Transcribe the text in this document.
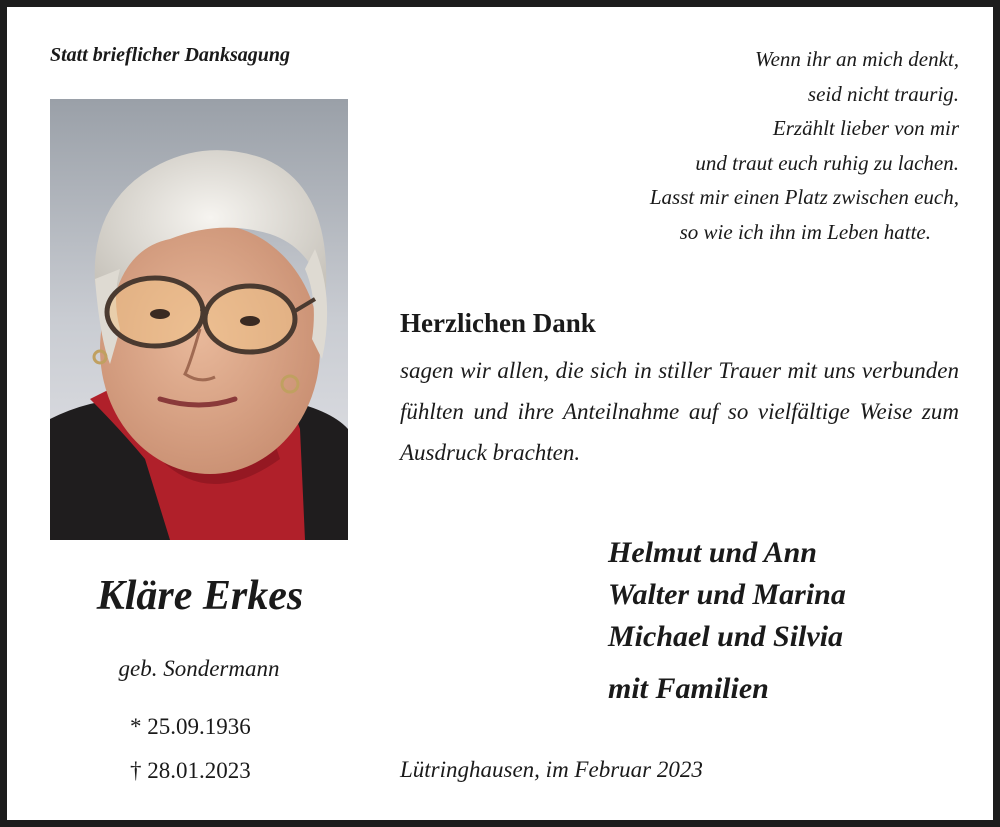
Statt brieflicher Danksagung	Wenn ihr an mich denkt,
seid nicht traurig.
Erzählt lieber von mir
und traut euch ruhig zu lachen.
Lasst mir einen Platz zwischen euch,
so wie ich ihn im Leben hatte.
Kläre Erkes
geb. Sondermann
* 25.09.1936
† 28.01.2023
Herzlichen Dank
sagen wir allen, die sich in stiller Trauer mit uns verbunden fühlten und ihre Anteilnahme auf so vielfältige Weise zum Ausdruck brachten.
Helmut und Ann
Walter und Marina
Michael und Silvia
mit Familien
Lütringhausen, im Februar 2023
